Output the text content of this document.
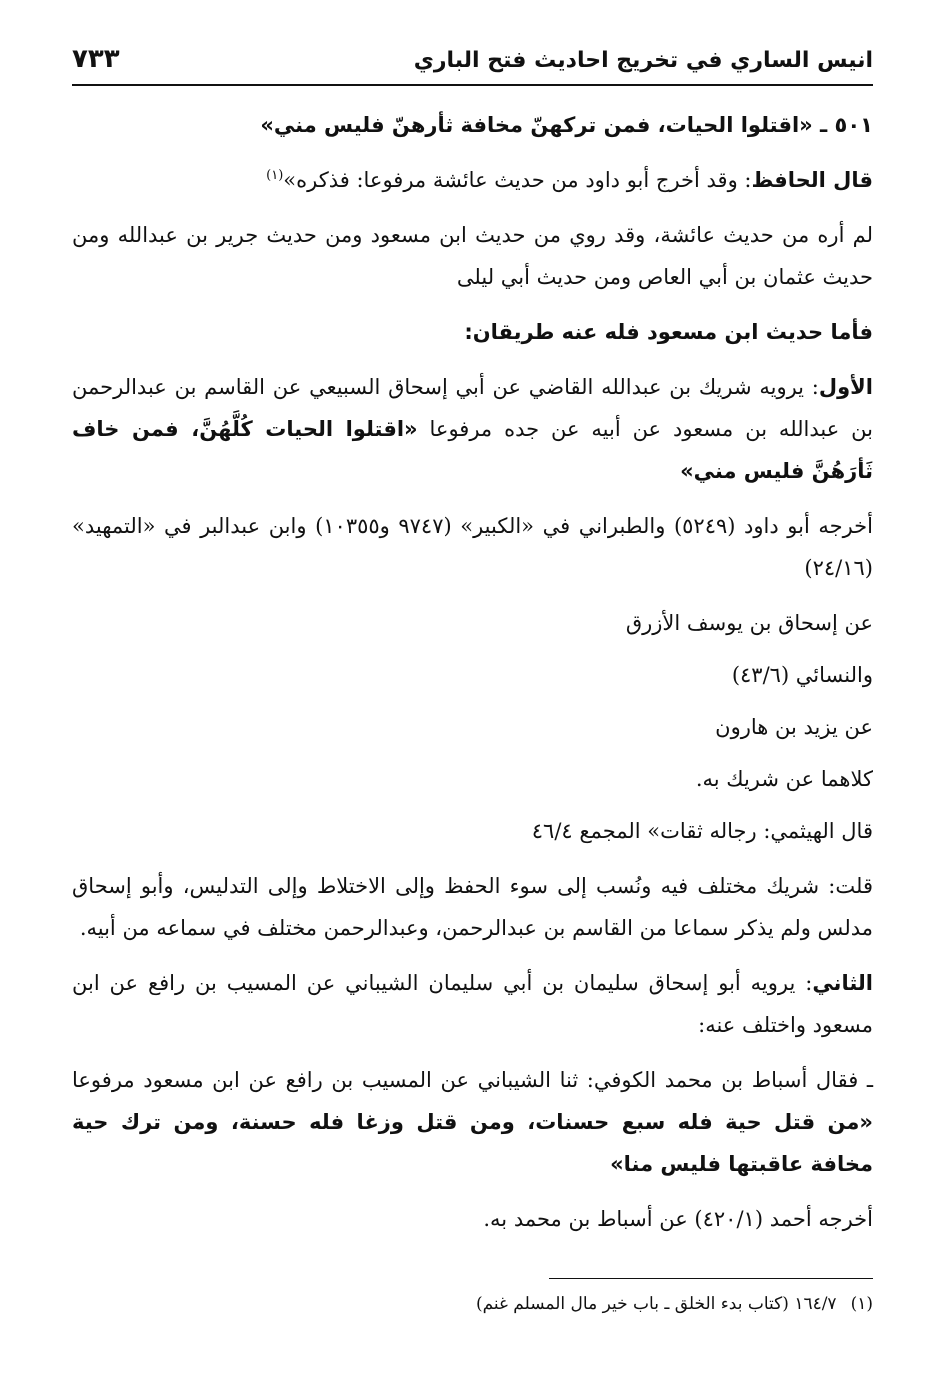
انيس الساري في تخريج احاديث فتح الباري
٧٣٣

٥٠١ ـ «اقتلوا الحيات، فمن تركهنّ مخافة ثأرهنّ فليس مني»

قال الحافظ: وقد أخرج أبو داود من حديث عائشة مرفوعا: فذكره»$^{(١)}$

لم أره من حديث عائشة، وقد روي من حديث ابن مسعود ومن حديث جرير بن عبدالله ومن حديث عثمان بن أبي العاص ومن حديث أبي ليلى

فأما حديث ابن مسعود فله عنه طريقان:

الأول: يرويه شريك بن عبدالله القاضي عن أبي إسحاق السبيعي عن القاسم بن عبدالرحمن بن عبدالله بن مسعود عن أبيه عن جده مرفوعا «اقتلوا الحيات كُلَّهُنَّ، فمن خاف ثَأرَهُنَّ فليس مني»

أخرجه أبو داود (٥٢٤٩) والطبراني في «الكبير» (٩٧٤٧ و١٠٣٥٥) وابن عبدالبر في «التمهيد» (٢٤/١٦)

عن إسحاق بن يوسف الأزرق

والنسائي (٤٣/٦)

عن يزيد بن هارون

كلاهما عن شريك به.

قال الهيثمي: رجاله ثقات» المجمع ٤٦/٤

قلت: شريك مختلف فيه ونُسب إلى سوء الحفظ وإلى الاختلاط وإلى التدليس، وأبو إسحاق مدلس ولم يذكر سماعا من القاسم بن عبدالرحمن، وعبدالرحمن مختلف في سماعه من أبيه.

الثاني: يرويه أبو إسحاق سليمان بن أبي سليمان الشيباني عن المسيب بن رافع عن ابن مسعود واختلف عنه:

ـ فقال أسباط بن محمد الكوفي: ثنا الشيباني عن المسيب بن رافع عن ابن مسعود مرفوعا «من قتل حية فله سبع حسنات، ومن قتل وزغا فله حسنة، ومن ترك حية مخافة عاقبتها فليس منا»

أخرجه أحمد (٤٢٠/١) عن أسباط بن محمد به.

(١)١٦٤/٧ (كتاب بدء الخلق ـ باب خير مال المسلم غنم)
